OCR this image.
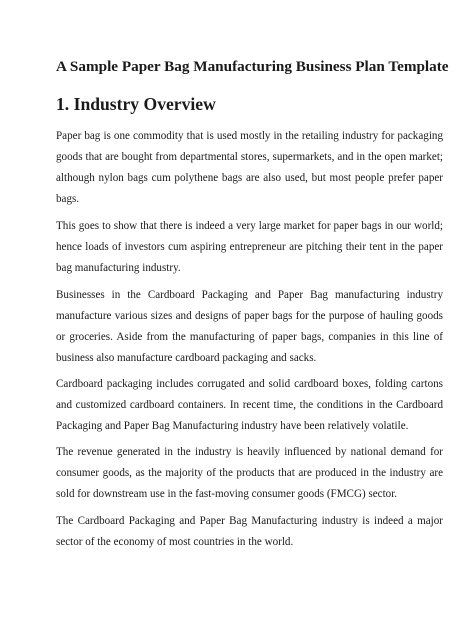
A Sample Paper Bag Manufacturing Business Plan Template
1. Industry Overview

Paper bag is one commodity that is used mostly in the retailing industry for packaging goods that are bought from departmental stores, supermarkets, and in the open market; although nylon bags cum polythene bags are also used, but most people prefer paper bags.

This goes to show that there is indeed a very large market for paper bags in our world; hence loads of investors cum aspiring entrepreneur are pitching their tent in the paper bag manufacturing industry.

Businesses in the Cardboard Packaging and Paper Bag manufacturing industry manufacture various sizes and designs of paper bags for the purpose of hauling goods or groceries. Aside from the manufacturing of paper bags, companies in this line of business also manufacture cardboard packaging and sacks.

Cardboard packaging includes corrugated and solid cardboard boxes, folding cartons and customized cardboard containers. In recent time, the conditions in the Cardboard Packaging and Paper Bag Manufacturing industry have been relatively volatile.

The revenue generated in the industry is heavily influenced by national demand for consumer goods, as the majority of the products that are produced in the industry are sold for downstream use in the fast-moving consumer goods (FMCG) sector.

The Cardboard Packaging and Paper Bag Manufacturing industry is indeed a major sector of the economy of most countries in the world.
